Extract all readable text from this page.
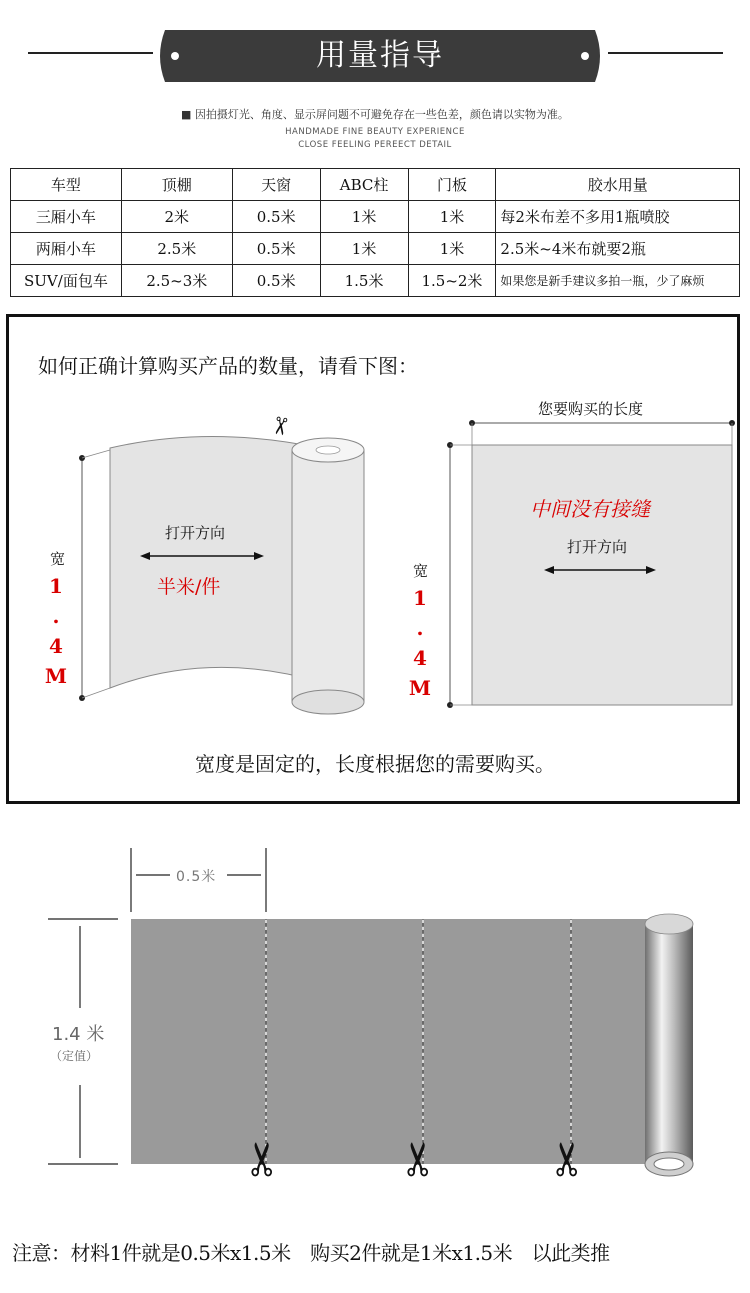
用量指导
■ 因拍摄灯光、角度、显示屏问题不可避免存在一些色差，颜色请以实物为准。
HANDMADE FINE BEAUTY EXPERIENCE
CLOSE FEELING PEREECT DETAIL
车型	顶棚	天窗	ABC柱	门板	胶水用量
三厢小车	2米	0.5米	1米	1米	每2米布差不多用1瓶喷胶
两厢小车	2.5米	0.5米	1米	1米	2.5米~4米布就要2瓶
SUV/面包车	2.5~3米	0.5米	1.5米	1.5~2米	如果您是新手建议多拍一瓶，少了麻烦
如何正确计算购买产品的数量，请看下图：
✂
打开方向
半米/件
宽
1.4M
您要购买的长度
中间没有接缝
打开方向
宽
1.4M
宽度是固定的，长度根据您的需要购买。
0.5米
1.4 米
（定值）
✂ ✂ ✂
注意：材料1件就是0.5米x1.5米　购买2件就是1米x1.5米　以此类推
